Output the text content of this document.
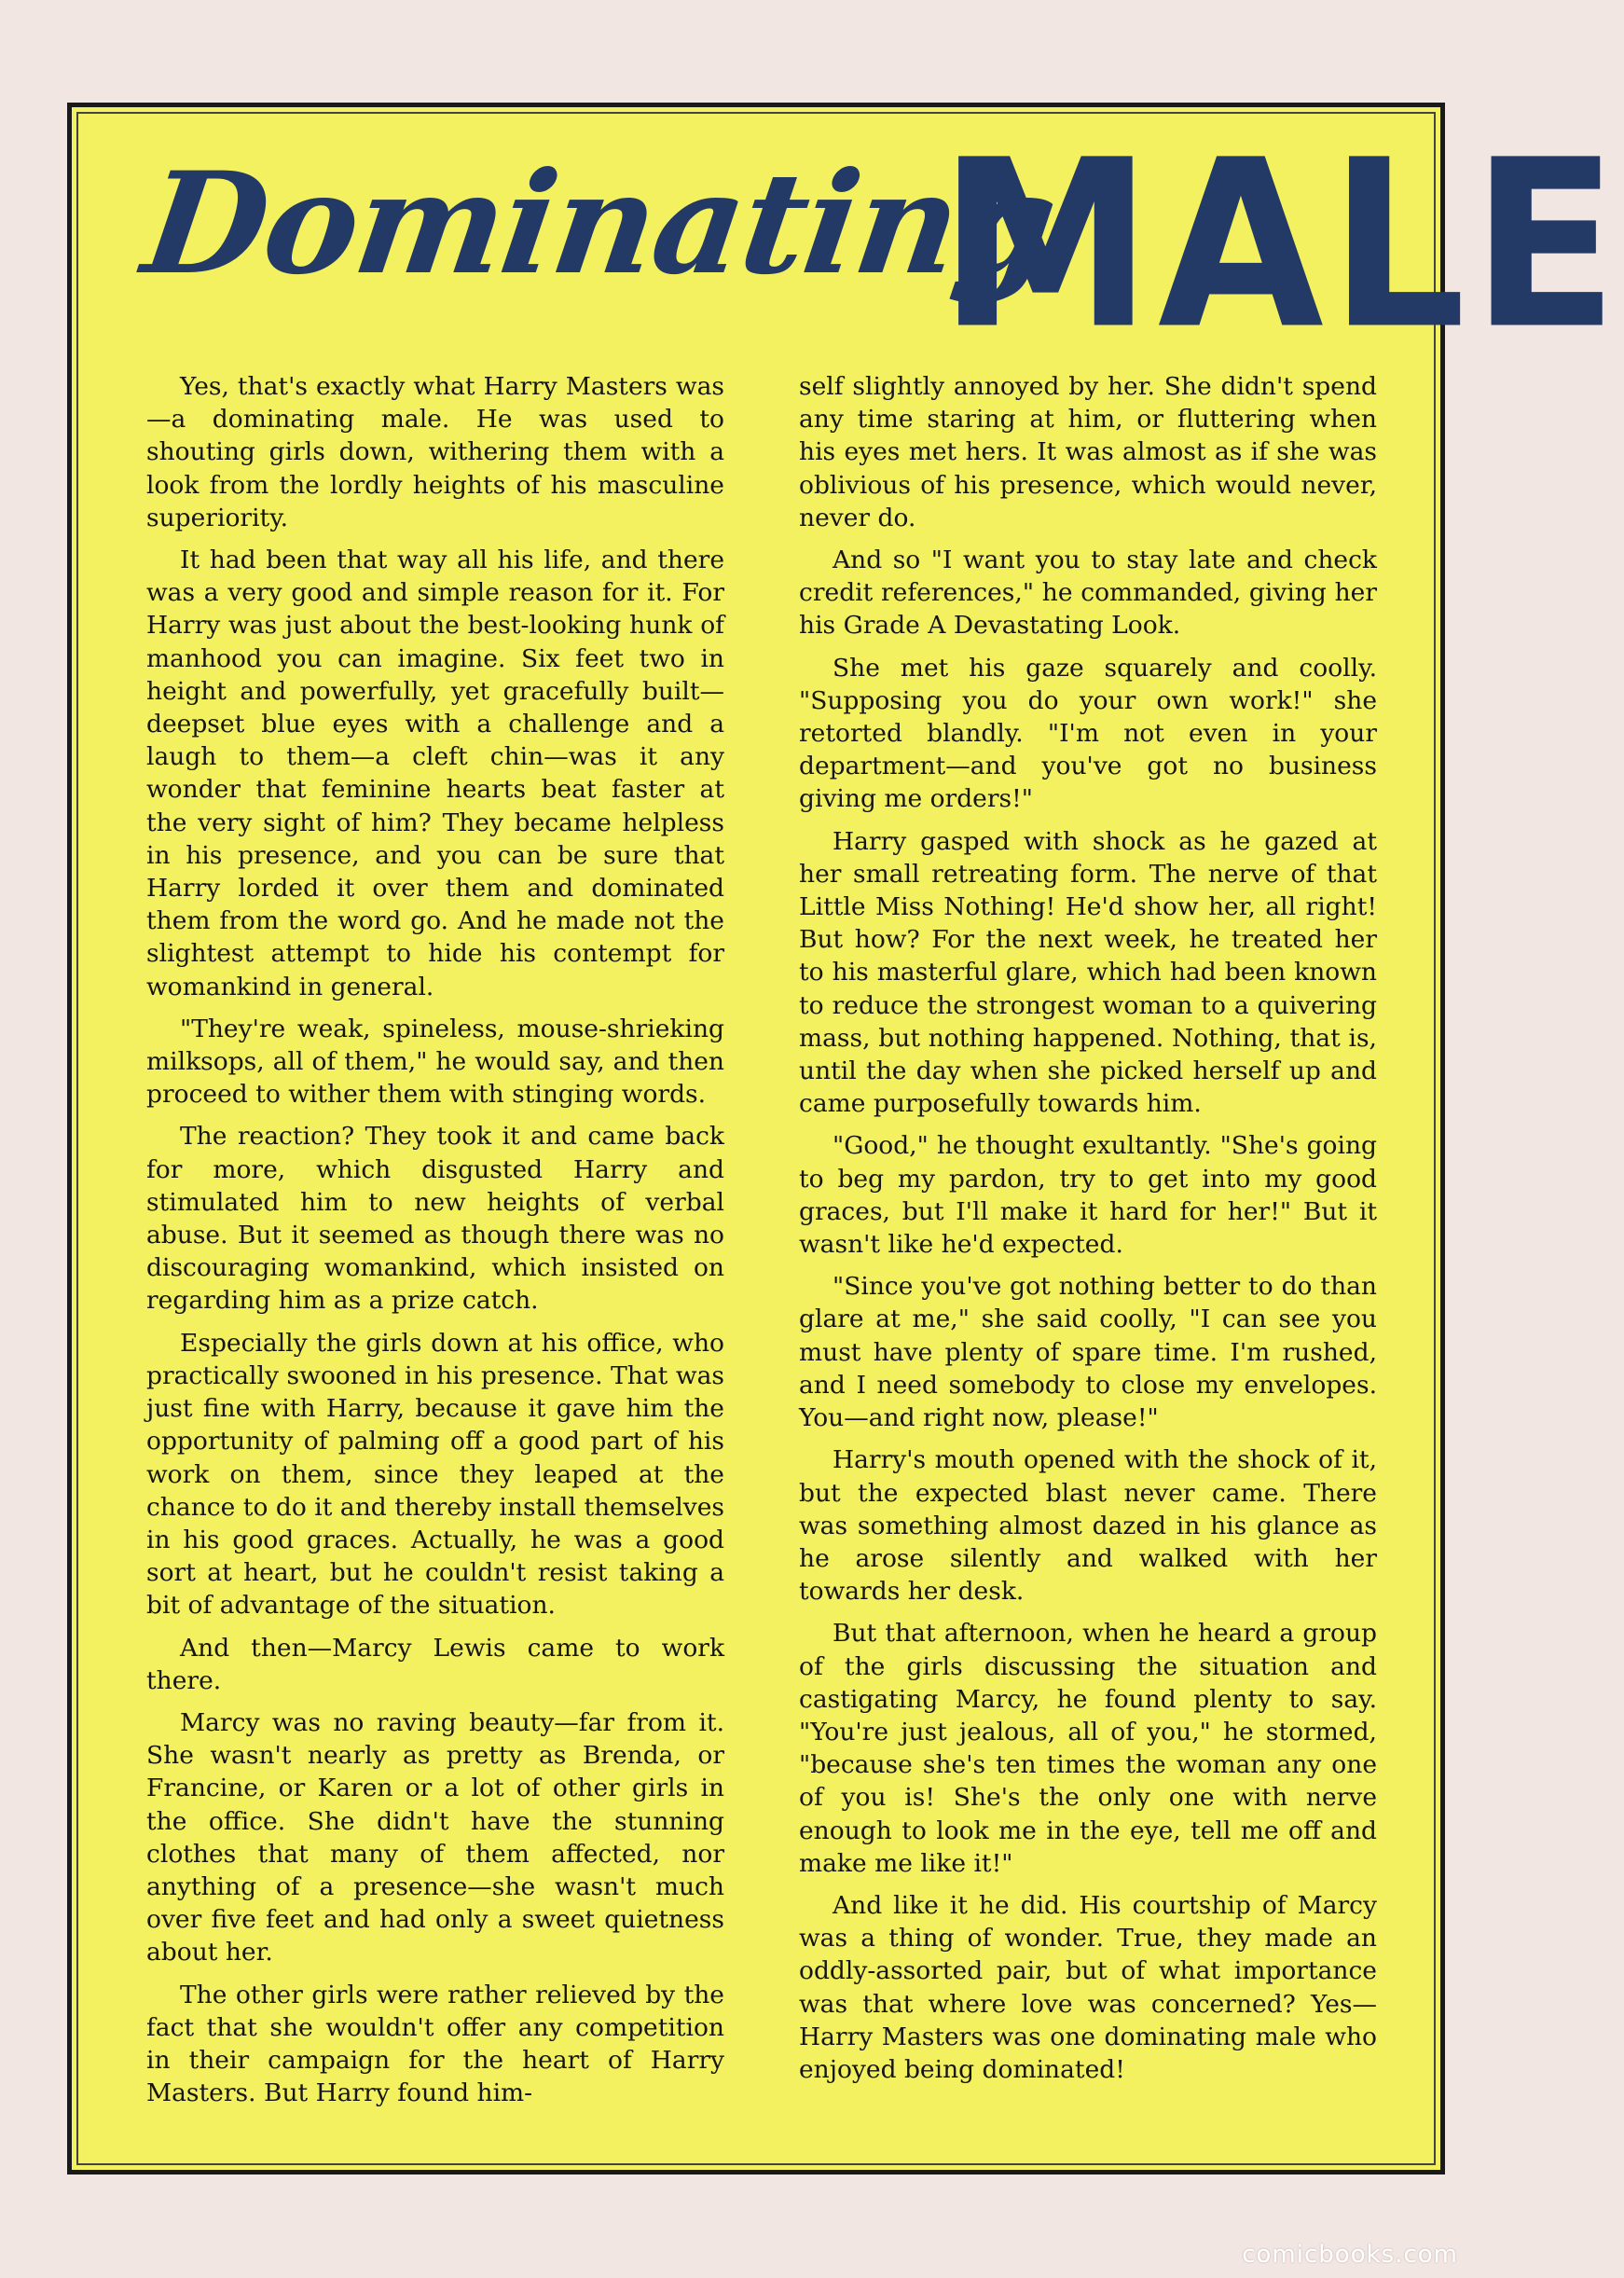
Dominating
MALE

Yes, that's exactly what Harry Masters was—a dominating male. He was used to shouting girls down, withering them with a look from the lordly heights of his masculine superiority.

It had been that way all his life, and there was a very good and simple reason for it. For Harry was just about the best-looking hunk of manhood you can imagine. Six feet two in height and powerfully, yet gracefully built—deepset blue eyes with a challenge and a laugh to them—a cleft chin—was it any wonder that feminine hearts beat faster at the very sight of him? They became helpless in his presence, and you can be sure that Harry lorded it over them and dominated them from the word go. And he made not the slightest attempt to hide his contempt for womankind in general.

"They're weak, spineless, mouse-shrieking milksops, all of them," he would say, and then proceed to wither them with stinging words.

The reaction? They took it and came back for more, which disgusted Harry and stimulated him to new heights of verbal abuse. But it seemed as though there was no discouraging womankind, which insisted on regarding him as a prize catch.

Especially the girls down at his office, who practically swooned in his presence. That was just fine with Harry, because it gave him the opportunity of palming off a good part of his work on them, since they leaped at the chance to do it and thereby install themselves in his good graces. Actually, he was a good sort at heart, but he couldn't resist taking a bit of advantage of the situation.

And then—Marcy Lewis came to work there.

Marcy was no raving beauty—far from it. She wasn't nearly as pretty as Brenda, or Francine, or Karen or a lot of other girls in the office. She didn't have the stunning clothes that many of them affected, nor anything of a presence—she wasn't much over five feet and had only a sweet quietness about her.

The other girls were rather relieved by the fact that she wouldn't offer any competition in their campaign for the heart of Harry Masters. But Harry found him-

self slightly annoyed by her. She didn't spend any time staring at him, or fluttering when his eyes met hers. It was almost as if she was oblivious of his presence, which would never, never do.

And so "I want you to stay late and check credit references," he commanded, giving her his Grade A Devastating Look.

She met his gaze squarely and coolly. "Supposing you do your own work!" she retorted blandly. "I'm not even in your department—and you've got no business giving me orders!"

Harry gasped with shock as he gazed at her small retreating form. The nerve of that Little Miss Nothing! He'd show her, all right! But how? For the next week, he treated her to his masterful glare, which had been known to reduce the strongest woman to a quivering mass, but nothing happened. Nothing, that is, until the day when she picked herself up and came purposefully towards him.

"Good," he thought exultantly. "She's going to beg my pardon, try to get into my good graces, but I'll make it hard for her!" But it wasn't like he'd expected.

"Since you've got nothing better to do than glare at me," she said coolly, "I can see you must have plenty of spare time. I'm rushed, and I need somebody to close my envelopes. You—and right now, please!"

Harry's mouth opened with the shock of it, but the expected blast never came. There was something almost dazed in his glance as he arose silently and walked with her towards her desk.

But that afternoon, when he heard a group of the girls discussing the situation and castigating Marcy, he found plenty to say. "You're just jealous, all of you," he stormed, "because she's ten times the woman any one of you is! She's the only one with nerve enough to look me in the eye, tell me off and make me like it!"

And like it he did. His courtship of Marcy was a thing of wonder. True, they made an oddly-assorted pair, but of what importance was that where love was concerned? Yes—Harry Masters was one dominating male who enjoyed being dominated!

comicbooks.com
